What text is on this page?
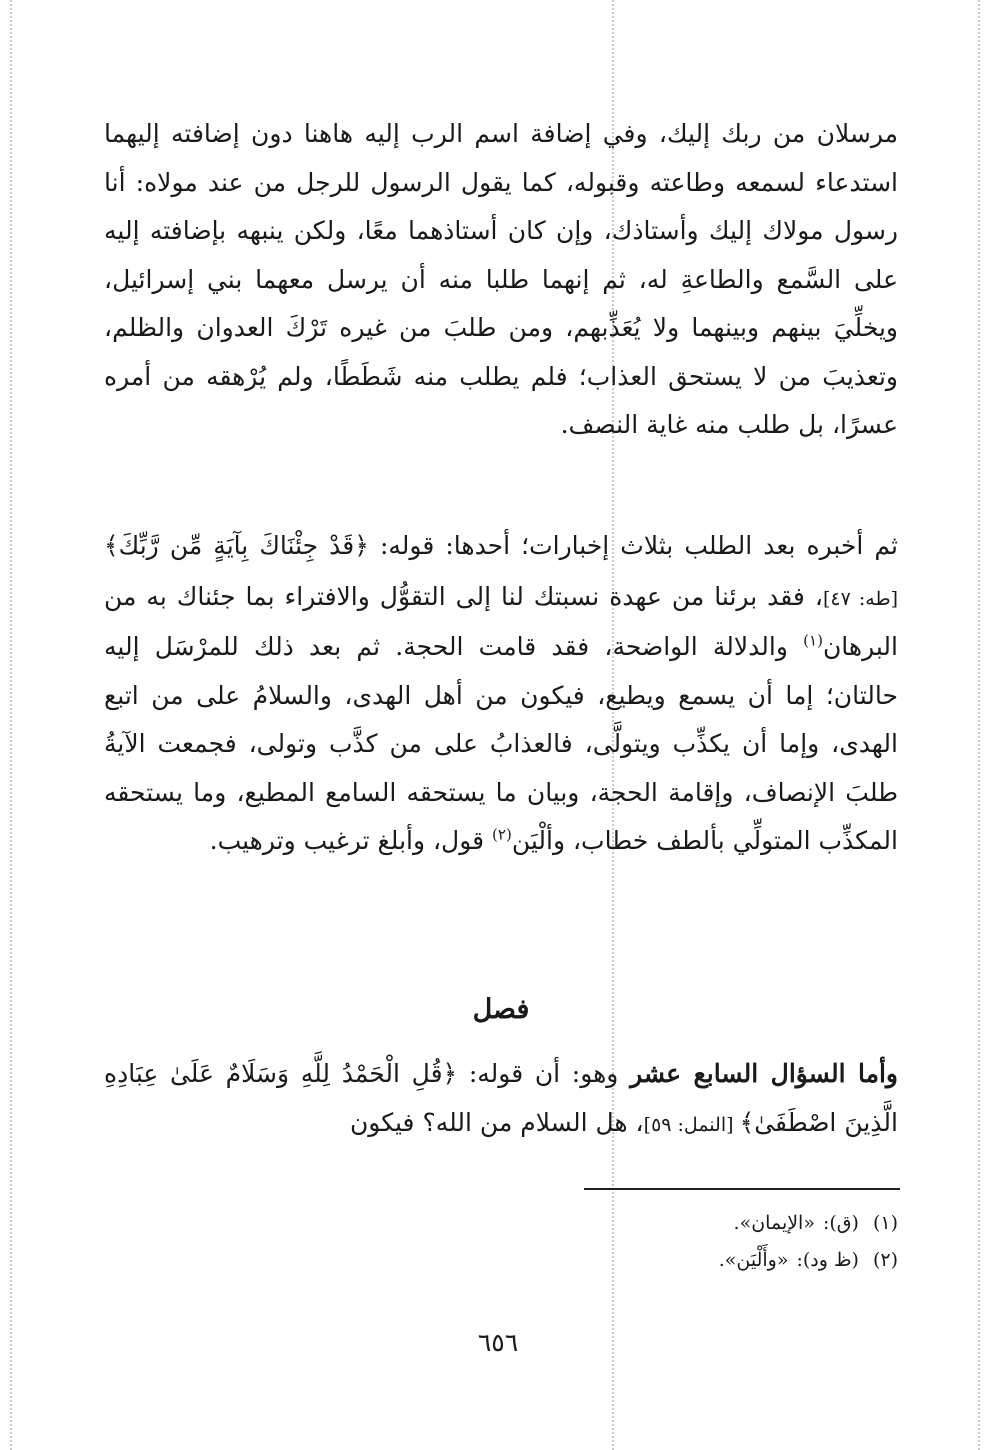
مرسلان من ربك إليك، وفي إضافة اسم الرب إليه هاهنا دون إضافته إليهما استدعاء لسمعه وطاعته وقبوله، كما يقول الرسول للرجل من عند مولاه: أنا رسول مولاك إليك وأستاذك، وإن كان أستاذهما معًا، ولكن ينبهه بإضافته إليه على السَّمع والطاعةِ له، ثم إنهما طلبا منه أن يرسل معهما بني إسرائيل، ويخلِّيَ بينهم وبينهما ولا يُعَذِّبهم، ومن طلبَ من غيره تَرْكَ العدوان والظلم، وتعذيبَ من لا يستحق العذاب؛ فلم يطلب منه شَطَطًا، ولم يُرْهقه من أمره عسرًا، بل طلب منه غاية النصف.

ثم أخبره بعد الطلب بثلاث إخبارات؛ أحدها: قوله: ﴿قَدْ جِئْنَاكَ بِآيَةٍ مِّن رَّبِّكَ﴾ [طه: ٤٧]، فقد برئنا من عهدة نسبتك لنا إلى التقوُّل والافتراء بما جئناك به من البرهان$^{(١)}$ والدلالة الواضحة، فقد قامت الحجة. ثم بعد ذلك للمرْسَل إليه حالتان؛ إما أن يسمع ويطيع، فيكون من أهل الهدى، والسلامُ على من اتبع الهدى، وإما أن يكذِّب ويتولَّى، فالعذابُ على من كذَّب وتولى، فجمعت الآيةُ طلبَ الإنصاف، وإقامة الحجة، وبيان ما يستحقه السامع المطيع، وما يستحقه المكذِّب المتولِّي بألطف خطاب، وألْيَن$^{(٢)}$ قول، وأبلغ ترغيب وترهيب.

فصل

وأما السؤال السابع عشر وهو: أن قوله: ﴿قُلِ الْحَمْدُ لِلَّهِ وَسَلَامٌ عَلَىٰ عِبَادِهِ الَّذِينَ اصْطَفَىٰ﴾ [النمل: ٥٩]، هل السلام من الله؟ فيكون

(١)(ق):«الإيمان».

(٢)(ظ ود):«وأَلْيَن».

٦٥٦
